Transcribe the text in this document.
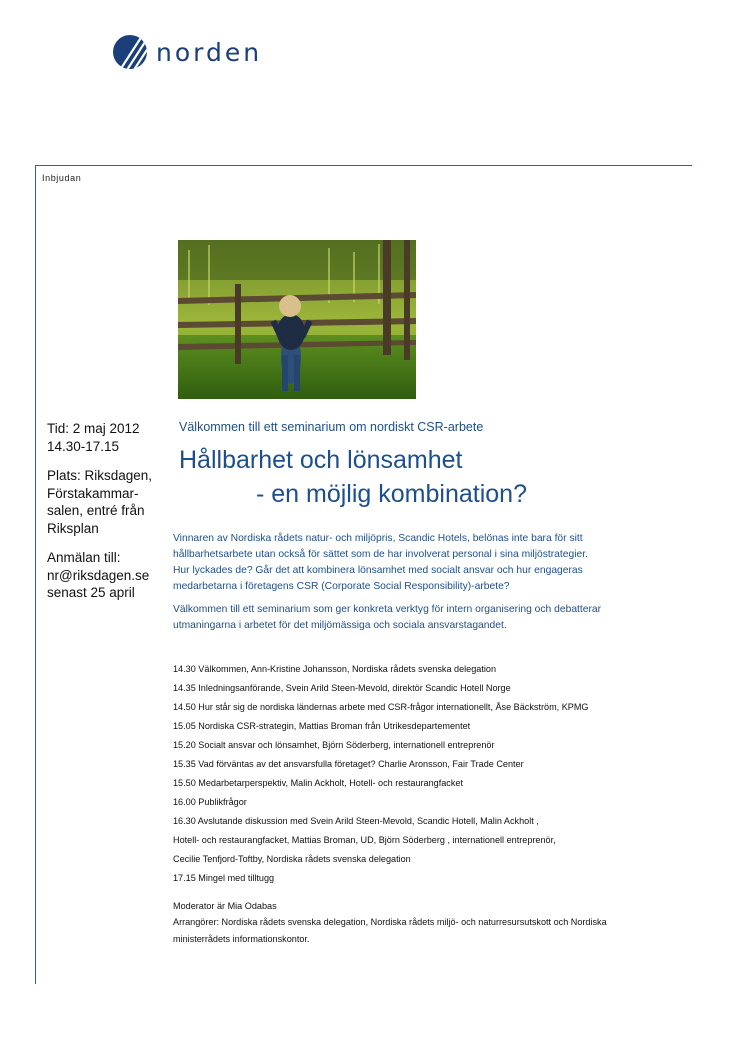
norden
Inbjudan

Tid: 2 maj 2012
14.30-17.15

Plats: Riksdagen,
Förstakammar-
salen, entré från
Riksplan

Anmälan till:
nr@riksdagen.se
senast 25 april

Välkommen till ett seminarium om nordiskt CSR-arbete
Hållbarhet och lönsamhet
- en möjlig kombination?

Vinnaren av Nordiska rådets natur- och miljöpris, Scandic Hotels, belönas inte bara för sitt
hållbarhetsarbete utan också för sättet som de har involverat personal i sina miljöstrategier.
Hur lyckades de? Går det att kombinera lönsamhet med socialt ansvar och hur engageras
medarbetarna i företagens CSR (Corporate Social Responsibility)-arbete?

Välkommen till ett seminarium som ger konkreta verktyg för intern organisering och debatterar
utmaningarna i arbetet för det miljömässiga och sociala ansvarstagandet.

14.30 Välkommen, Ann-Kristine Johansson, Nordiska rådets svenska delegation
14.35 Inledningsanförande, Svein Arild Steen-Mevold, direktör Scandic Hotell Norge
14.50 Hur står sig de nordiska ländernas arbete med CSR-frågor internationellt, Åse Bäckström, KPMG
15.05 Nordiska CSR-strategin, Mattias Broman från Utrikesdepartementet
15.20 Socialt ansvar och lönsamhet, Björn Söderberg, internationell entreprenör
15.35 Vad förväntas av det ansvarsfulla företaget? Charlie Aronsson, Fair Trade Center
15.50 Medarbetarperspektiv, Malin Ackholt, Hotell- och restaurangfacket
16.00 Publikfrågor
16.30 Avslutande diskussion med Svein Arild Steen-Mevold, Scandic Hotell, Malin Ackholt ,
Hotell- och restaurangfacket, Mattias Broman, UD, Björn Söderberg , internationell entreprenör,
Cecilie Tenfjord-Toftby, Nordiska rådets svenska delegation
17.15 Mingel med tilltugg

Moderator är Mia Odabas

Arrangörer: Nordiska rådets svenska delegation, Nordiska rådets miljö- och naturresursutskott och Nordiska

ministerrådets informationskontor.
